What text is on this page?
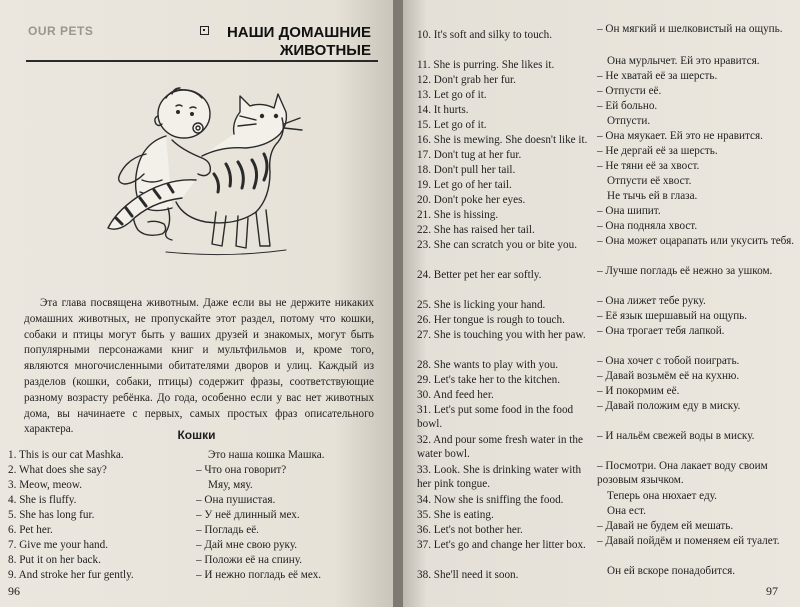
OUR PETS	НАШИ ДОМАШНИЕ
ЖИВОТНЫЕ
Эта глава посвящена животным. Даже если вы не держите никаких домашних животных, не пропускайте этот раздел, потому что кошки, собаки и птицы могут быть у ваших друзей и знакомых, могут быть популярными персонажами книг и мультфильмов и, кроме того, являются многочисленными обитателями дворов и улиц. Каждый из разделов (кошки, собаки, птицы) содержит фразы, соответствующие разному возрасту ребёнка. До года, особенно если у вас нет животных дома, вы начинаете с первых, самых простых фраз описательного характера.	Кошки
1. This is our cat Mashka.	Это наша кошка Машка.
2. What does she say?	– Что она говорит?
3. Meow, meow.	Мяу, мяу.
4. She is fluffy.	– Она пушистая.
5. She has long fur.	– У неё длинный мех.
6. Pet her.	– Погладь её.
7. Give me your hand.	– Дай мне свою руку.
8. Put it on her back.	– Положи её на спину.
9. And stroke her fur gently.	– И нежно погладь её мех.
96
10. It's soft and silky to touch.	– Он мягкий и шелковистый на ощупь.
11. She is purring. She likes it.	Она мурлычет. Ей это нравится.
12. Don't grab her fur.	– Не хватай её за шерсть.
13. Let go of it.	– Отпусти её.
14. It hurts.	– Ей больно.
15. Let go of it.	Отпусти.
16. She is mewing. She doesn't like it. – Она мяукает. Ей это не нравится.
17. Don't tug at her fur.	– Не дергай её за шерсть.
18. Don't pull her tail.	– Не тяни её за хвост.
19. Let go of her tail.	Отпусти её хвост.
20. Don't poke her eyes.	Не тычь ей в глаза.
21. She is hissing.	– Она шипит.
22. She has raised her tail.	– Она подняла хвост.
23. She can scratch you or bite you.	– Она может оцарапать или укусить тебя.
24. Better pet her ear softly.	– Лучше погладь её нежно за ушком.
25. She is licking your hand.	– Она лижет тебе руку.
26. Her tongue is rough to touch.	– Её язык шершавый на ощупь.
27. She is touching you with her paw.	– Она трогает тебя лапкой.
28. She wants to play with you.	– Она хочет с тобой поиграть.
29. Let's take her to the kitchen.	– Давай возьмём её на кухню.
30. And feed her.	– И покормим её.
31. Let's put some food in the food bowl.
– Давай положим еду в миску.
32. And pour some fresh water in the water bowl.
– И нальём свежей воды в миску.
33. Look. She is drinking water with her pink tongue.
– Посмотри. Она лакает воду своим розовым язычком.
34. Now she is sniffing the food.	Теперь она нюхает еду.
35. She is eating.	Она ест.
36. Let's not bother her.	– Давай не будем ей мешать.
37. Let's go and change her litter box. – Давай пойдём и поменяем ей туалет.
38. She'll need it soon.	Он ей вскоре понадобится.
97
